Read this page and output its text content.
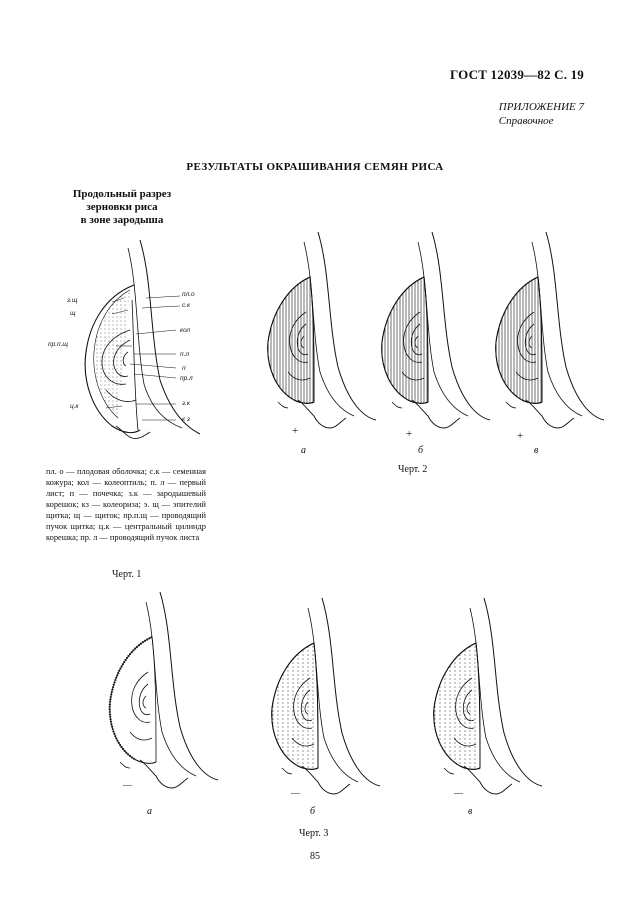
ГОСТ 12039—82 С. 19
ПРИЛОЖЕНИЕ 7
Справочное
РЕЗУЛЬТАТЫ ОКРАШИВАНИЯ СЕМЯН РИСА
Продольный разрез
зерновки риса
в зоне зародыша
з.щ
щ
пр.п.щ
ц.к
пл.о
с.к
кол
п.л
п
пр.л
з.к
к з
пл. о — плодовая оболочка; с.к — семенная кожура; кол — колеоптиль; п. л — первый лист; п — почечка; з.к — зародышевый корешок; кз — колеориза; э. щ — эпителий щитка; щ — щиток; пр.п.щ — проводящий пучок щитка; ц.к — центральный цилиндр корешка; пр. л — проводящий пучок листа
Черт. 1
+	+	+
а	б	в
Черт. 2
—
—	—
а	б	в
Черт. 3
85
